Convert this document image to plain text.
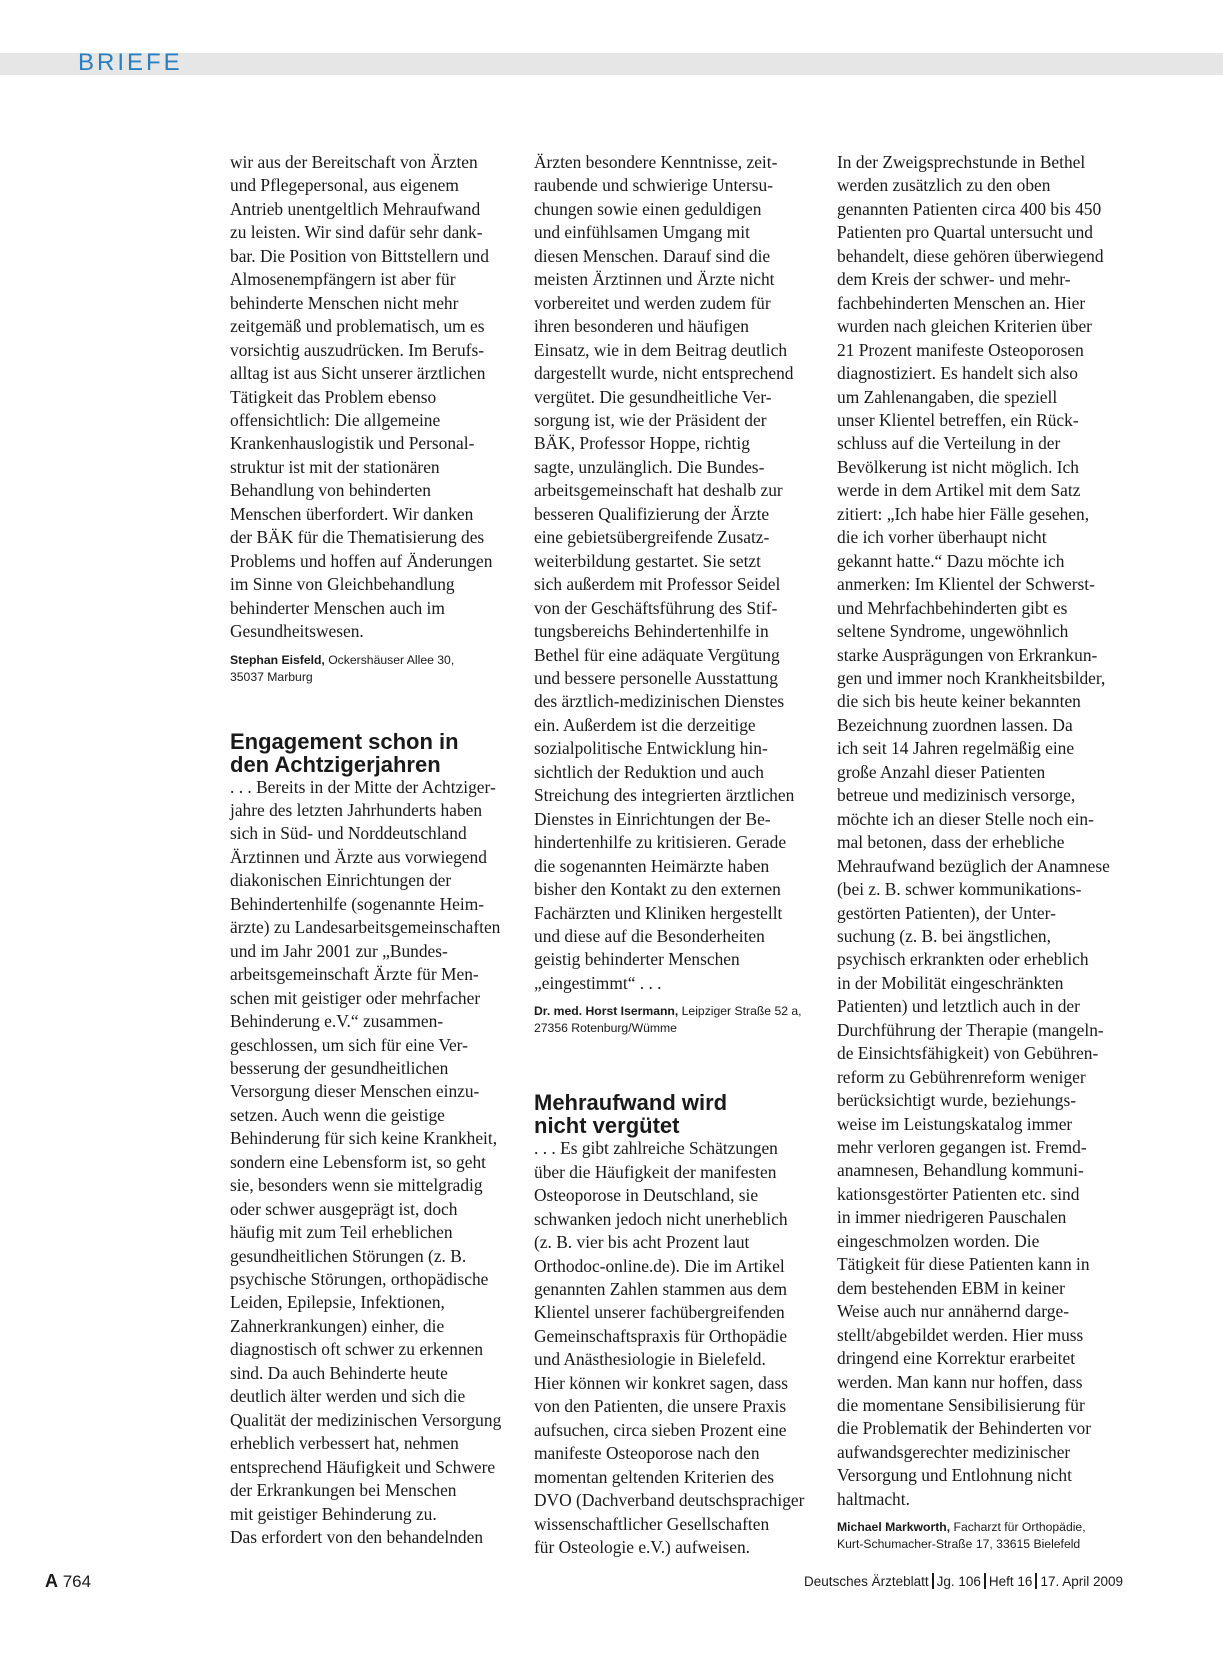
BRIEFE

wir aus der Bereitschaft von Ärzten
und Pflegepersonal, aus eigenem
Antrieb unentgeltlich Mehraufwand
zu leisten. Wir sind dafür sehr dank-
bar. Die Position von Bittstellern und
Almosenempfängern ist aber für
behinderte Menschen nicht mehr
zeitgemäß und problematisch, um es
vorsichtig auszudrücken. Im Berufs-
alltag ist aus Sicht unserer ärztlichen
Tätigkeit das Problem ebenso
offensichtlich: Die allgemeine
Krankenhauslogistik und Personal-
struktur ist mit der stationären
Behandlung von behinderten
Menschen überfordert. Wir danken
der BÄK für die Thematisierung des
Problems und hoffen auf Änderungen
im Sinne von Gleichbehandlung
behinderter Menschen auch im
Gesundheitswesen.

Stephan Eisfeld, Ockershäuser Allee 30,
35037 Marburg
Engagement schon in
den Achtzigerjahren

. . . Bereits in der Mitte der Achtziger-
jahre des letzten Jahrhunderts haben
sich in Süd- und Norddeutschland
Ärztinnen und Ärzte aus vorwiegend
diakonischen Einrichtungen der
Behindertenhilfe (sogenannte Heim-
ärzte) zu Landesarbeitsgemeinschaften
und im Jahr 2001 zur „Bundes-
arbeitsgemeinschaft Ärzte für Men-
schen mit geistiger oder mehrfacher
Behinderung e.V.“ zusammen-
geschlossen, um sich für eine Ver-
besserung der gesundheitlichen
Versorgung dieser Menschen einzu-
setzen. Auch wenn die geistige
Behinderung für sich keine Krankheit,
sondern eine Lebensform ist, so geht
sie, besonders wenn sie mittelgradig
oder schwer ausgeprägt ist, doch
häufig mit zum Teil erheblichen
gesundheitlichen Störungen (z. B.
psychische Störungen, orthopädische
Leiden, Epilepsie, Infektionen,
Zahnerkrankungen) einher, die
diagnostisch oft schwer zu erkennen
sind. Da auch Behinderte heute
deutlich älter werden und sich die
Qualität der medizinischen Versorgung
erheblich verbessert hat, nehmen
entsprechend Häufigkeit und Schwere
der Erkrankungen bei Menschen
mit geistiger Behinderung zu.
Das erfordert von den behandelnden

Ärzten besondere Kenntnisse, zeit-
raubende und schwierige Untersu-
chungen sowie einen geduldigen
und einfühlsamen Umgang mit
diesen Menschen. Darauf sind die
meisten Ärztinnen und Ärzte nicht
vorbereitet und werden zudem für
ihren besonderen und häufigen
Einsatz, wie in dem Beitrag deutlich
dargestellt wurde, nicht entsprechend
vergütet. Die gesundheitliche Ver-
sorgung ist, wie der Präsident der
BÄK, Professor Hoppe, richtig
sagte, unzulänglich. Die Bundes-
arbeitsgemeinschaft hat deshalb zur
besseren Qualifizierung der Ärzte
eine gebietsübergreifende Zusatz-
weiterbildung gestartet. Sie setzt
sich außerdem mit Professor Seidel
von der Geschäftsführung des Stif-
tungsbereichs Behindertenhilfe in
Bethel für eine adäquate Vergütung
und bessere personelle Ausstattung
des ärztlich-medizinischen Dienstes
ein. Außerdem ist die derzeitige
sozialpolitische Entwicklung hin-
sichtlich der Reduktion und auch
Streichung des integrierten ärztlichen
Dienstes in Einrichtungen der Be-
hindertenhilfe zu kritisieren. Gerade
die sogenannten Heimärzte haben
bisher den Kontakt zu den externen
Fachärzten und Kliniken hergestellt
und diese auf die Besonderheiten
geistig behinderter Menschen
„eingestimmt“ . . .

Dr. med. Horst Isermann, Leipziger Straße 52 a,
27356 Rotenburg/Wümme
Mehraufwand wird
nicht vergütet

. . . Es gibt zahlreiche Schätzungen
über die Häufigkeit der manifesten
Osteoporose in Deutschland, sie
schwanken jedoch nicht unerheblich
(z. B. vier bis acht Prozent laut
Orthodoc-online.de). Die im Artikel
genannten Zahlen stammen aus dem
Klientel unserer fachübergreifenden
Gemeinschaftspraxis für Orthopädie
und Anästhesiologie in Bielefeld.
Hier können wir konkret sagen, dass
von den Patienten, die unsere Praxis
aufsuchen, circa sieben Prozent eine
manifeste Osteoporose nach den
momentan geltenden Kriterien des
DVO (Dachverband deutschsprachiger
wissenschaftlicher Gesellschaften
für Osteologie e.V.) aufweisen.

In der Zweigsprechstunde in Bethel
werden zusätzlich zu den oben
genannten Patienten circa 400 bis 450
Patienten pro Quartal untersucht und
behandelt, diese gehören überwiegend
dem Kreis der schwer- und mehr-
fachbehinderten Menschen an. Hier
wurden nach gleichen Kriterien über
21 Prozent manifeste Osteoporosen
diagnostiziert. Es handelt sich also
um Zahlenangaben, die speziell
unser Klientel betreffen, ein Rück-
schluss auf die Verteilung in der
Bevölkerung ist nicht möglich. Ich
werde in dem Artikel mit dem Satz
zitiert: „Ich habe hier Fälle gesehen,
die ich vorher überhaupt nicht
gekannt hatte.“ Dazu möchte ich
anmerken: Im Klientel der Schwerst-
und Mehrfachbehinderten gibt es
seltene Syndrome, ungewöhnlich
starke Ausprägungen von Erkrankun-
gen und immer noch Krankheitsbilder,
die sich bis heute keiner bekannten
Bezeichnung zuordnen lassen. Da
ich seit 14 Jahren regelmäßig eine
große Anzahl dieser Patienten
betreue und medizinisch versorge,
möchte ich an dieser Stelle noch ein-
mal betonen, dass der erhebliche
Mehraufwand bezüglich der Anamnese
(bei z. B. schwer kommunikations-
gestörten Patienten), der Unter-
suchung (z. B. bei ängstlichen,
psychisch erkrankten oder erheblich
in der Mobilität eingeschränkten
Patienten) und letztlich auch in der
Durchführung der Therapie (mangeln-
de Einsichtsfähigkeit) von Gebühren-
reform zu Gebührenreform weniger
berücksichtigt wurde, beziehungs-
weise im Leistungskatalog immer
mehr verloren gegangen ist. Fremd-
anamnesen, Behandlung kommuni-
kationsgestörter Patienten etc. sind
in immer niedrigeren Pauschalen
eingeschmolzen worden. Die
Tätigkeit für diese Patienten kann in
dem bestehenden EBM in keiner
Weise auch nur annähernd darge-
stellt/abgebildet werden. Hier muss
dringend eine Korrektur erarbeitet
werden. Man kann nur hoffen, dass
die momentane Sensibilisierung für
die Problematik der Behinderten vor
aufwandsgerechter medizinischer
Versorgung und Entlohnung nicht
haltmacht.

Michael Markworth, Facharzt für Orthopädie,
Kurt-Schumacher-Straße 17, 33615 Bielefeld
A 764	Deutsches Ärzteblatt Jg. 106 Heft 16 17. April 2009
